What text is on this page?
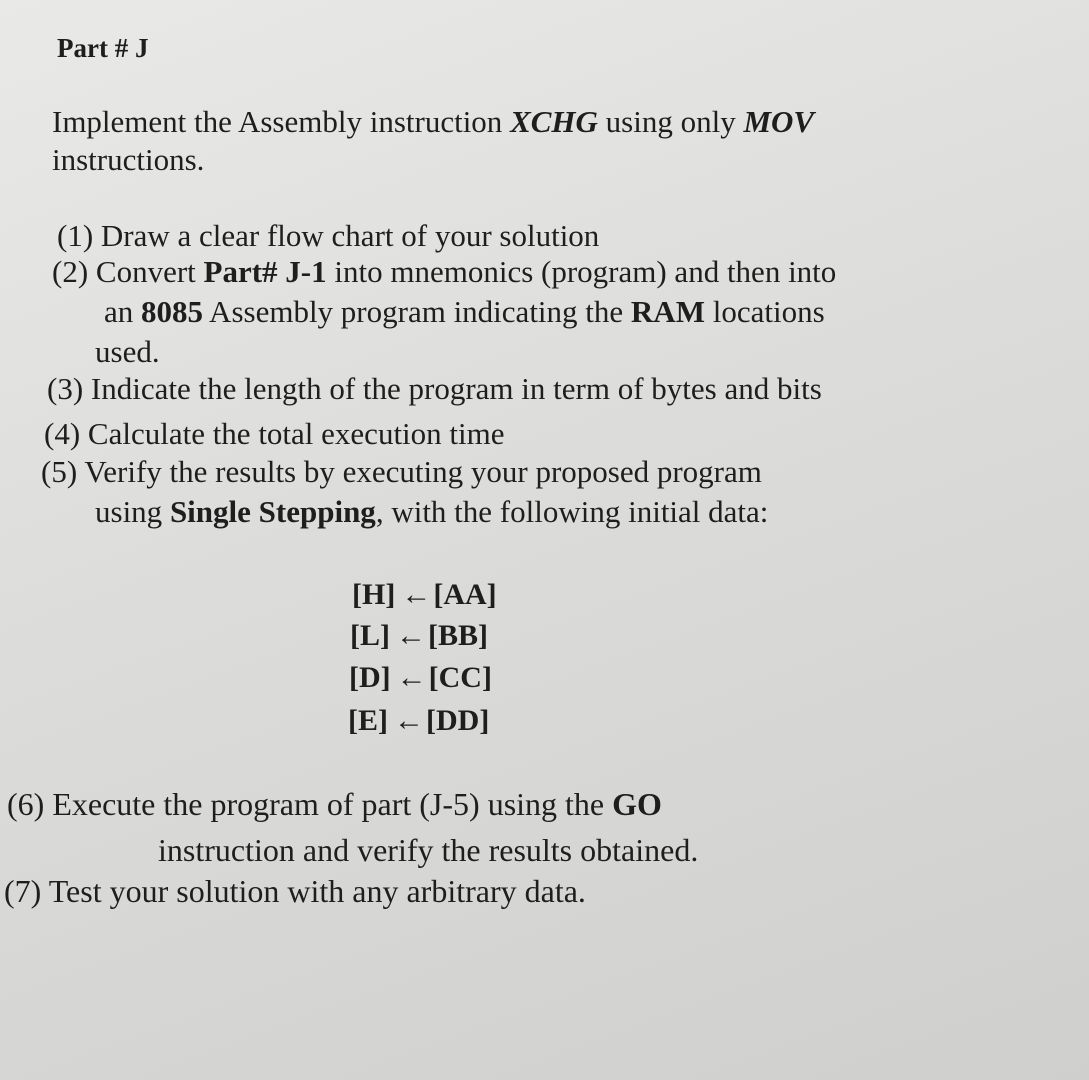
Part # J
Implement the Assembly instruction XCHG using only MOV
instructions.
(1) Draw a clear flow chart of your solution
(2) Convert Part# J-1 into mnemonics (program) and then into
an 8085 Assembly program indicating the RAM locations
used.
(3) Indicate the length of the program in term of bytes and bits
(4) Calculate the total execution time
(5) Verify the results by executing your proposed program
using Single Stepping, with the following initial data:
[H] ←[AA]
[L] ←[BB]
[D] ←[CC]
[E] ←[DD]
(6) Execute the program of part (J-5) using the GO
instruction and verify the results obtained.
(7) Test your solution with any arbitrary data.
